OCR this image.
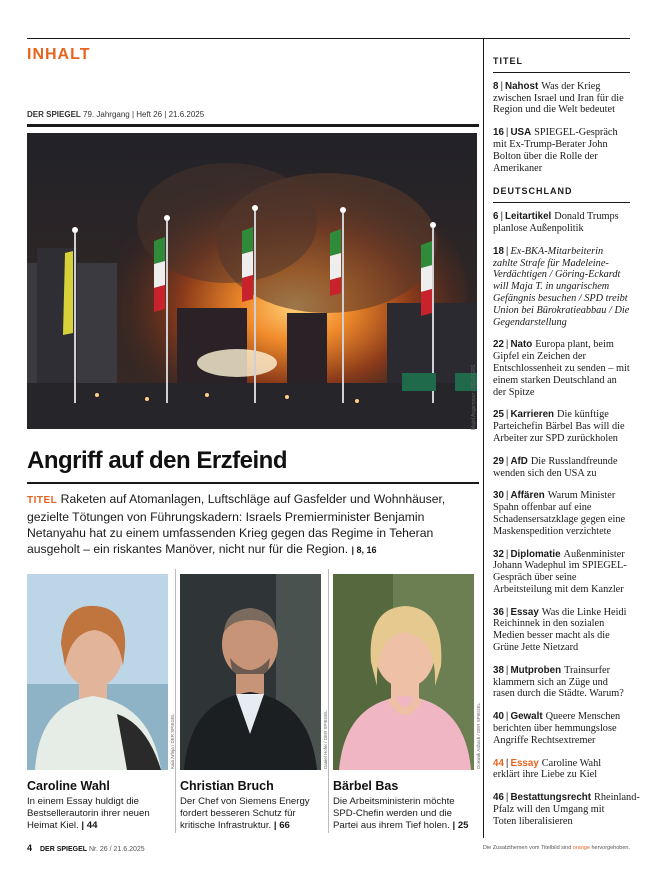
INHALT
DER SPIEGEL 79. Jahrgang | Heft 26 | 21.6.2025
Majid Asgaripour / REUTERS
Angriff auf den Erzfeind
TITEL Raketen auf Atomanlagen, Luftschläge auf Gasfelder und Wohnhäuser, gezielte Tötungen von Führungskadern: Israels Premierminister Benjamin Netanyahu hat zu einem umfassenden Krieg gegen das Regime in Teheran ausgeholt – ein riskantes Manöver, nicht nur für die Region. | 8, 16
Kaia Arfeja / DER SPIEGEL
Caroline Wahl
In einem Essay huldigt die Bestsellerautorin ihrer neuen Heimat Kiel. | 44
Daniel Hofer / DER SPIEGEL
Christian Bruch
Der Chef von Siemens Energy fordert besseren Schutz für kritische Infrastruktur. | 66
Dominik Asbach / DER SPIEGEL
Bärbel Bas
Die Arbeitsministerin möchte SPD-Chefin werden und die Partei aus ihrem Tief holen. | 25
4 DER SPIEGEL Nr. 26 / 21.6.2025	Die Zusatzthemen vom Titelbild sind orange hervorgehoben.
TITEL
8 | Nahost Was der Krieg zwischen Israel und Iran für die Region und die Welt bedeutet
16 | USA SPIEGEL-Gespräch mit Ex-Trump-Berater John Bolton über die Rolle der Amerikaner
DEUTSCHLAND
6 | Leitartikel Donald Trumps planlose Außenpolitik
18 | Ex-BKA-Mitarbeiterin zahlte Strafe für Madeleine-Verdächtigen / Göring-Eckardt will Maja T. in ungarischem Gefängnis besuchen / SPD treibt Union bei Bürokratieabbau / Die Gegendarstellung
22 | Nato Europa plant, beim Gipfel ein Zeichen der Entschlossenheit zu senden – mit einem starken Deutschland an der Spitze
25 | Karrieren Die künftige Parteichefin Bärbel Bas will die Arbeiter zur SPD zurückholen
29 | AfD Die Russlandfreunde wenden sich den USA zu
30 | Affären Warum Minister Spahn offenbar auf eine Schadensersatzklage gegen eine Maskenspedition verzichtete
32 | Diplomatie Außenminister Johann Wadephul im SPIEGEL-Gespräch über seine Arbeitsteilung mit dem Kanzler
36 | Essay Was die Linke Heidi Reichinnek in den sozialen Medien besser macht als die Grüne Jette Nietzard
38 | Mutproben Trainsurfer klammern sich an Züge und rasen durch die Städte. Warum?
40 | Gewalt Queere Menschen berichten über hemmungslose Angriffe Rechtsextremer
44 | Essay Caroline Wahl erklärt ihre Liebe zu Kiel
46 | Bestattungsrecht Rheinland-Pfalz will den Umgang mit Toten liberalisieren
